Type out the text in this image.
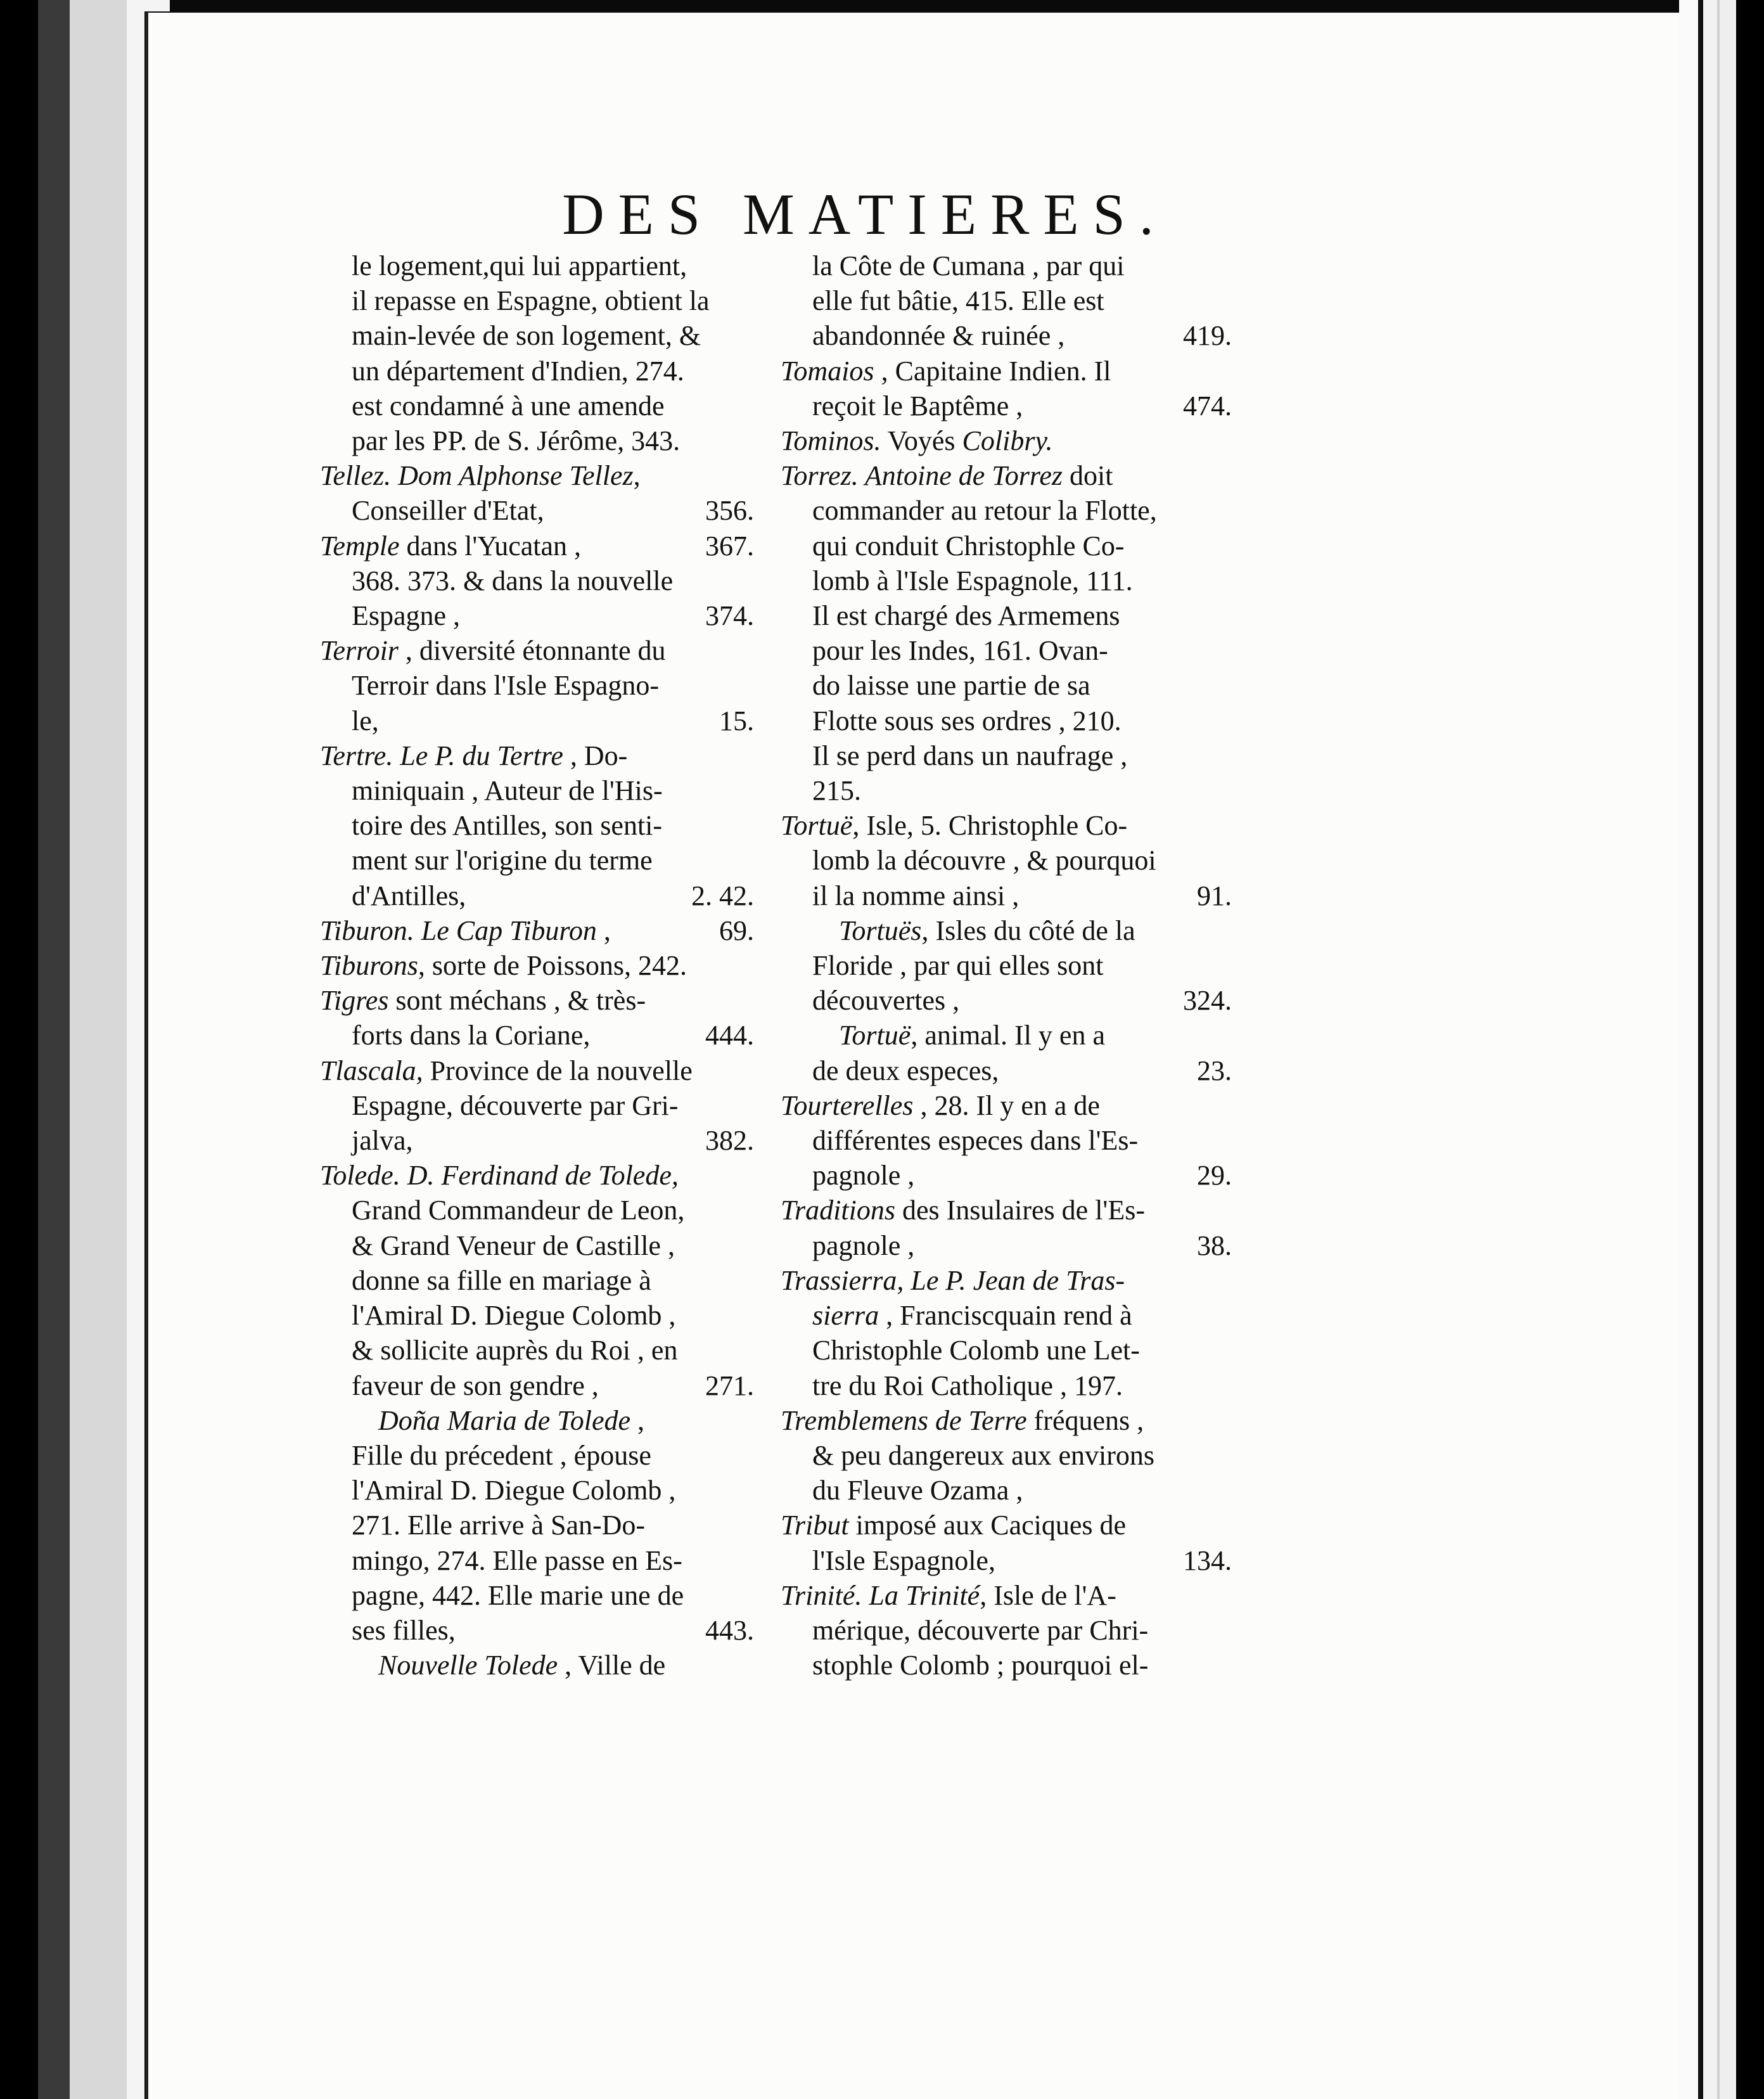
DES MATIERES.
le logement,qui lui appartient,
il repasse en Espagne, obtient la
main-levée de son logement, &
un département d'Indien, 274.
est condamné à une amende
par les PP. de S. Jérôme, 343.
Tellez. Dom Alphonse Tellez,
356.
Conseiller d'Etat,
367.
Temple dans l'Yucatan ,
368. 373. & dans la nouvelle
374.
Espagne ,
Terroir , diversité étonnante du
Terroir dans l'Isle Espagno-
15.
le,
Tertre. Le P. du Tertre , Do-
miniquain , Auteur de l'His-
toire des Antilles, son senti-
ment sur l'origine du terme
2. 42.
d'Antilles,
69.
Tiburon. Le Cap Tiburon ,
Tiburons, sorte de Poissons, 242.
Tigres sont méchans , & très-
444.
forts dans la Coriane,
Tlascala, Province de la nouvelle
Espagne, découverte par Gri-
382.
jalva,
Tolede. D. Ferdinand de Tolede,
Grand Commandeur de Leon,
& Grand Veneur de Castille ,
donne sa fille en mariage à
l'Amiral D. Diegue Colomb ,
& sollicite auprès du Roi , en
271.
faveur de son gendre ,
Doña Maria de Tolede ,
Fille du précedent , épouse
l'Amiral D. Diegue Colomb ,
271. Elle arrive à San-Do-
mingo, 274. Elle passe en Es-
pagne, 442. Elle marie une de
443.
ses filles,
Nouvelle Tolede , Ville de
la Côte de Cumana , par qui
elle fut bâtie, 415. Elle est
419.
abandonnée & ruinée ,
Tomaios , Capitaine Indien. Il
474.
reçoit le Baptême ,
Tominos. Voyés Colibry.
Torrez. Antoine de Torrez doit
commander au retour la Flotte,
qui conduit Christophle Co-
lomb à l'Isle Espagnole, 111.
Il est chargé des Armemens
pour les Indes, 161. Ovan-
do laisse une partie de sa
Flotte sous ses ordres , 210.
Il se perd dans un naufrage ,
215.
Tortuë, Isle, 5. Christophle Co-
lomb la découvre , & pourquoi
91.
il la nomme ainsi ,
Tortuës, Isles du côté de la
Floride , par qui elles sont
324.
découvertes ,
Tortuë, animal. Il y en a
23.
de deux especes,
Tourterelles , 28. Il y en a de
différentes especes dans l'Es-
29.
pagnole ,
Traditions des Insulaires de l'Es-
38.
pagnole ,
Trassierra, Le P. Jean de Tras-
sierra , Franciscquain rend à
Christophle Colomb une Let-
tre du Roi Catholique , 197.
Tremblemens de Terre fréquens ,
& peu dangereux aux environs
du Fleuve Ozama ,
Tribut imposé aux Caciques de
134.
l'Isle Espagnole,
Trinité. La Trinité, Isle de l'A-
mérique, découverte par Chri-
stophle Colomb ; pourquoi el-
